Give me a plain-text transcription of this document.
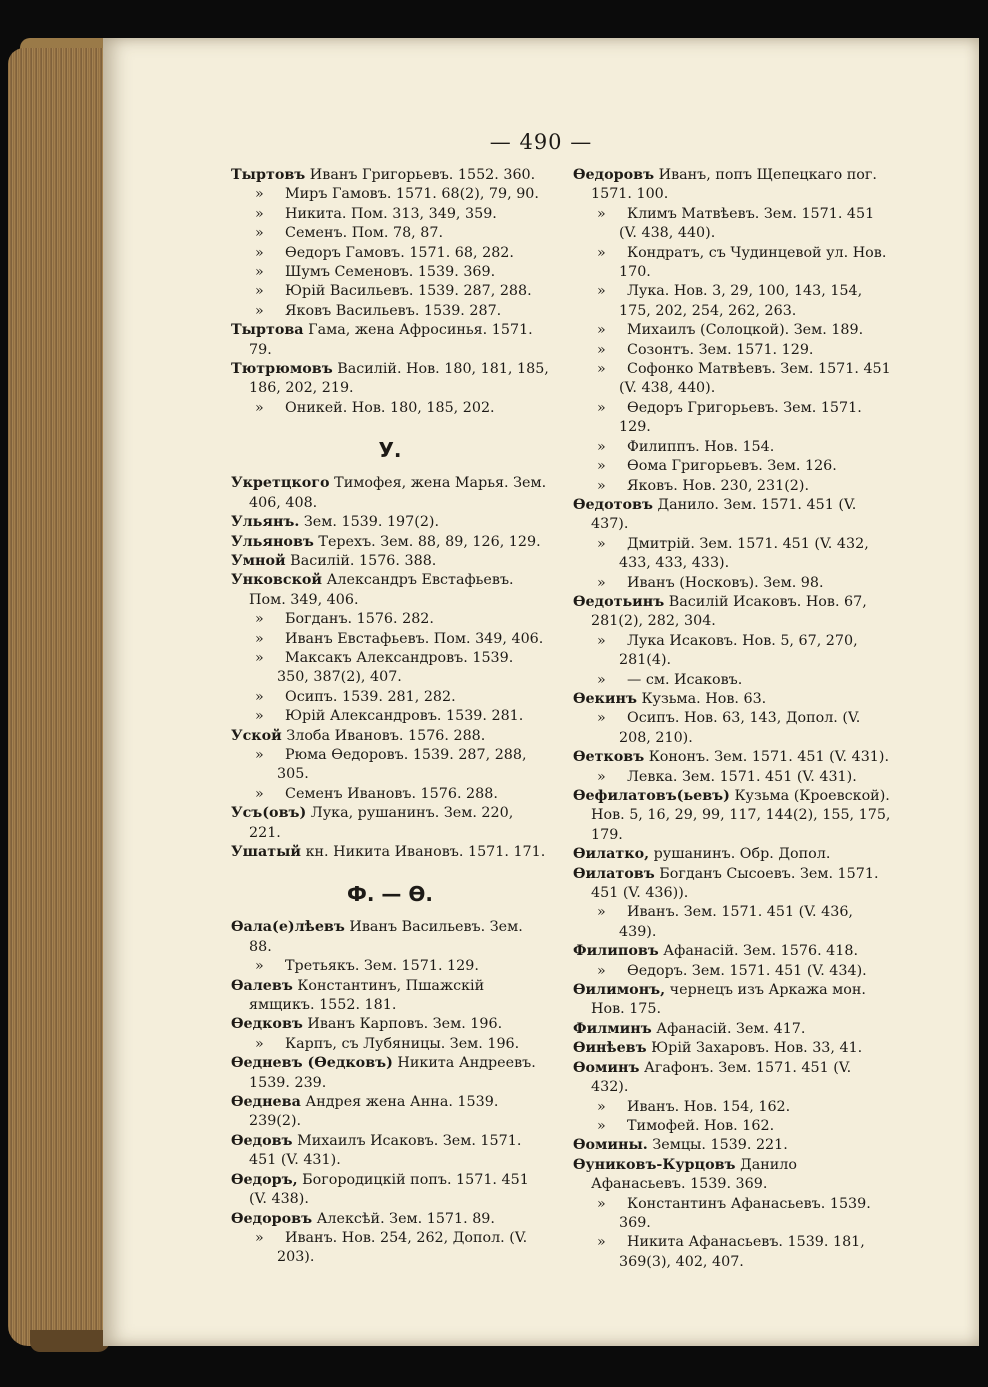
— 490 —

Тыртовъ Иванъ Григорьевъ. 1552. 360.

» Миръ Гамовъ. 1571. 68(2), 79, 90.

» Никита. Пом. 313, 349, 359.

» Семенъ. Пом. 78, 87.

» Ѳедоръ Гамовъ. 1571. 68, 282.

» Шумъ Семеновъ. 1539. 369.

» Юрій Васильевъ. 1539. 287, 288.

» Яковъ Васильевъ. 1539. 287.

Тыртова Гама, жена Афросинья. 1571. 79.

Тютрюмовъ Василій. Нов. 180, 181, 185, 186, 202, 219.

» Оникей. Нов. 180, 185, 202.

У.

Укретцкого Тимофея, жена Марья. Зем. 406, 408.

Ульянъ. Зем. 1539. 197(2).

Ульяновъ Терехъ. Зем. 88, 89, 126, 129.

Умной Василій. 1576. 388.

Унковской Александръ Евстафьевъ. Пом. 349, 406.

» Богданъ. 1576. 282.

» Иванъ Евстафьевъ. Пом. 349, 406.

» Максакъ Александровъ. 1539. 350, 387(2), 407.

» Осипъ. 1539. 281, 282.

» Юрій Александровъ. 1539. 281.

Уской Злоба Ивановъ. 1576. 288.

» Рюма Ѳедоровъ. 1539. 287, 288, 305.

» Семенъ Ивановъ. 1576. 288.

Усъ(овъ) Лука, рушанинъ. Зем. 220, 221.

Ушатый кн. Никита Ивановъ. 1571. 171.

Ф. — Ѳ.

Ѳала(е)лѣевъ Иванъ Васильевъ. Зем. 88.

» Третьякъ. Зем. 1571. 129.

Ѳалевъ Константинъ, Пшажскій ямщикъ. 1552. 181.

Ѳедковъ Иванъ Карповъ. Зем. 196.

» Карпъ, съ Лубяницы. Зем. 196.

Ѳедневъ (Ѳедковъ) Никита Андреевъ. 1539. 239.

Ѳеднева Андрея жена Анна. 1539. 239(2).

Ѳедовъ Михаилъ Исаковъ. Зем. 1571. 451 (V. 431).

Ѳедоръ, Богородицкій попъ. 1571. 451 (V. 438).

Ѳедоровъ Алексѣй. Зем. 1571. 89.

» Иванъ. Нов. 254, 262, Допол. (V. 203).

Ѳедоровъ Иванъ, попъ Щепецкаго пог. 1571. 100.

» Климъ Матвѣевъ. Зем. 1571. 451 (V. 438, 440).

» Кондратъ, съ Чудинцевой ул. Нов. 170.

» Лука. Нов. 3, 29, 100, 143, 154, 175, 202, 254, 262, 263.

» Михаилъ (Солоцкой). Зем. 189.

» Созонтъ. Зем. 1571. 129.

» Софонко Матвѣевъ. Зем. 1571. 451 (V. 438, 440).

» Ѳедоръ Григорьевъ. Зем. 1571. 129.

» Филиппъ. Нов. 154.

» Ѳома Григорьевъ. Зем. 126.

» Яковъ. Нов. 230, 231(2).

Ѳедотовъ Данило. Зем. 1571. 451 (V. 437).

» Дмитрій. Зем. 1571. 451 (V. 432, 433, 433, 433).

» Иванъ (Носковъ). Зем. 98.

Ѳедотьинъ Василій Исаковъ. Нов. 67, 281(2), 282, 304.

» Лука Исаковъ. Нов. 5, 67, 270, 281(4).

» — см. Исаковъ.

Ѳекинъ Кузьма. Нов. 63.

» Осипъ. Нов. 63, 143, Допол. (V. 208, 210).

Ѳетковъ Кононъ. Зем. 1571. 451 (V. 431).

» Левка. Зем. 1571. 451 (V. 431).

Ѳефилатовъ(ьевъ) Кузьма (Кроевской). Нов. 5, 16, 29, 99, 117, 144(2), 155, 175, 179.

Ѳилатко, рушанинъ. Обр. Допол.

Ѳилатовъ Богданъ Сысоевъ. Зем. 1571. 451 (V. 436)).

» Иванъ. Зем. 1571. 451 (V. 436, 439).

Филиповъ Афанасій. Зем. 1576. 418.

» Ѳедоръ. Зем. 1571. 451 (V. 434).

Ѳилимонъ, чернецъ изъ Аркажа мон. Нов. 175.

Филминъ Афанасій. Зем. 417.

Ѳинѣевъ Юрій Захаровъ. Нов. 33, 41.

Ѳоминъ Агафонъ. Зем. 1571. 451 (V. 432).

» Иванъ. Нов. 154, 162.

» Тимофей. Нов. 162.

Ѳомины. Земцы. 1539. 221.

Ѳуниковъ-Курцовъ Данило Афанасьевъ. 1539. 369.

» Константинъ Афанасьевъ. 1539. 369.

» Никита Афанасьевъ. 1539. 181, 369(3), 402, 407.
